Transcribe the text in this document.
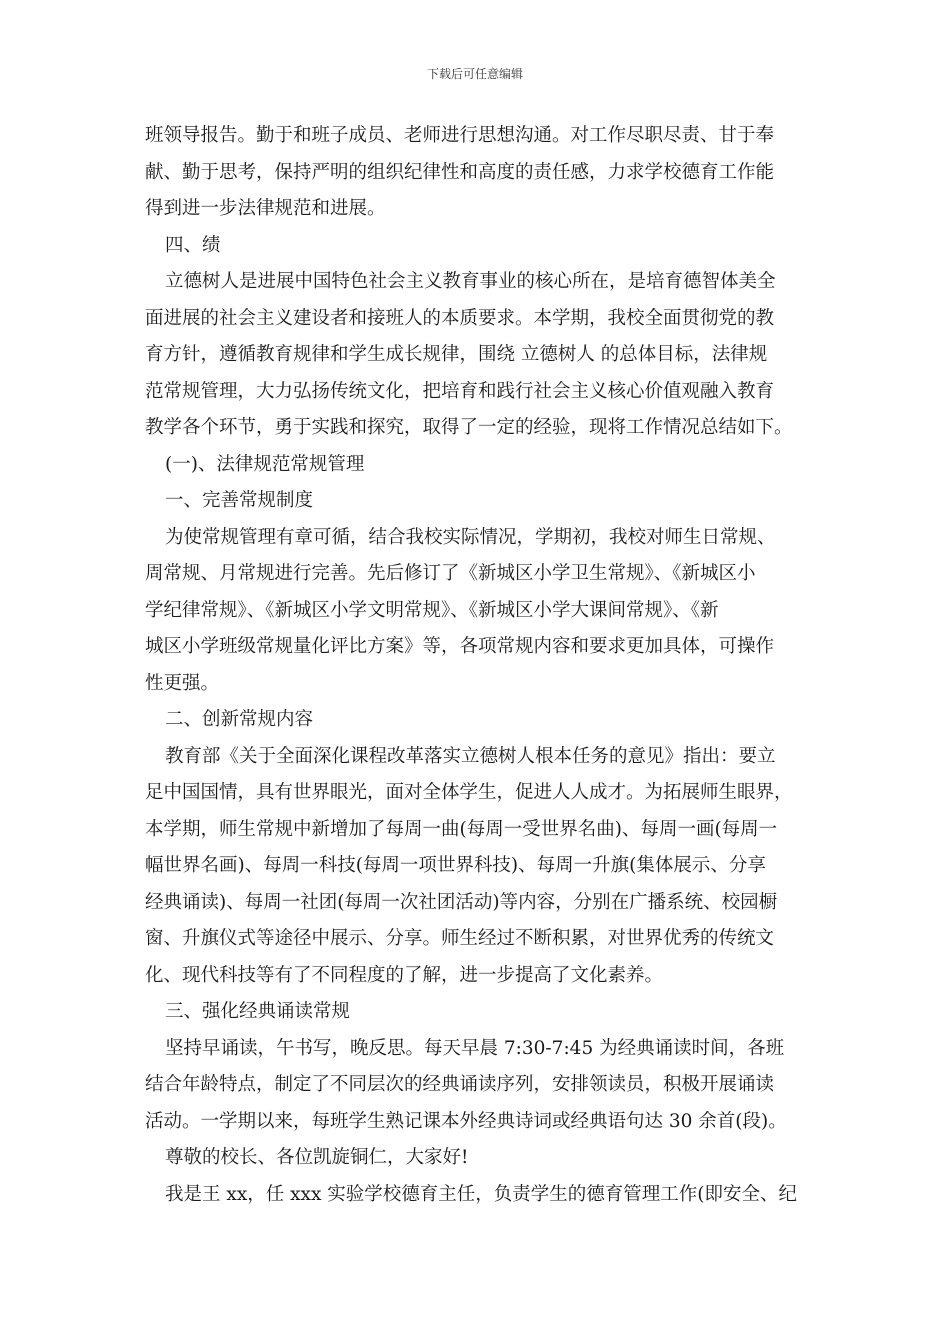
下载后可任意编辑
班领导报告。勤于和班子成员、老师进行思想沟通。对工作尽职尽责、甘于奉
献、勤于思考，保持严明的组织纪律性和高度的责任感，力求学校德育工作能
得到进一步法律规范和进展。
四、绩
立德树人是进展中国特色社会主义教育事业的核心所在，是培育德智体美全
面进展的社会主义建设者和接班人的本质要求。本学期，我校全面贯彻党的教
育方针，遵循教育规律和学生成长规律，围绕 立德树人 的总体目标，法律规
范常规管理，大力弘扬传统文化，把培育和践行社会主义核心价值观融入教育
教学各个环节，勇于实践和探究，取得了一定的经验，现将工作情况总结如下。
(一)、法律规范常规管理
一、完善常规制度
为使常规管理有章可循，结合我校实际情况，学期初，我校对师生日常规、
周常规、月常规进行完善。先后修订了《新城区小学卫生常规》、《新城区小
学纪律常规》、《新城区小学文明常规》、《新城区小学大课间常规》、《新
城区小学班级常规量化评比方案》等，各项常规内容和要求更加具体，可操作
性更强。
二、创新常规内容
教育部《关于全面深化课程改革落实立德树人根本任务的意见》指出：要立
足中国国情，具有世界眼光，面对全体学生，促进人人成才。为拓展师生眼界，
本学期，师生常规中新增加了每周一曲(每周一受世界名曲)、每周一画(每周一
幅世界名画)、每周一科技(每周一项世界科技)、每周一升旗(集体展示、分享
经典诵读)、每周一社团(每周一次社团活动)等内容，分别在广播系统、校园橱
窗、升旗仪式等途径中展示、分享。师生经过不断积累，对世界优秀的传统文
化、现代科技等有了不同程度的了解，进一步提高了文化素养。
三、强化经典诵读常规
坚持早诵读，午书写，晚反思。每天早晨 7:30-7:45 为经典诵读时间，各班
结合年龄特点，制定了不同层次的经典诵读序列，安排领读员，积极开展诵读
活动。一学期以来，每班学生熟记课本外经典诗词或经典语句达 30 余首(段)。
尊敬的校长、各位凯旋铜仁，大家好!
我是王 xx，任 xxx 实验学校德育主任，负责学生的德育管理工作(即安全、纪
